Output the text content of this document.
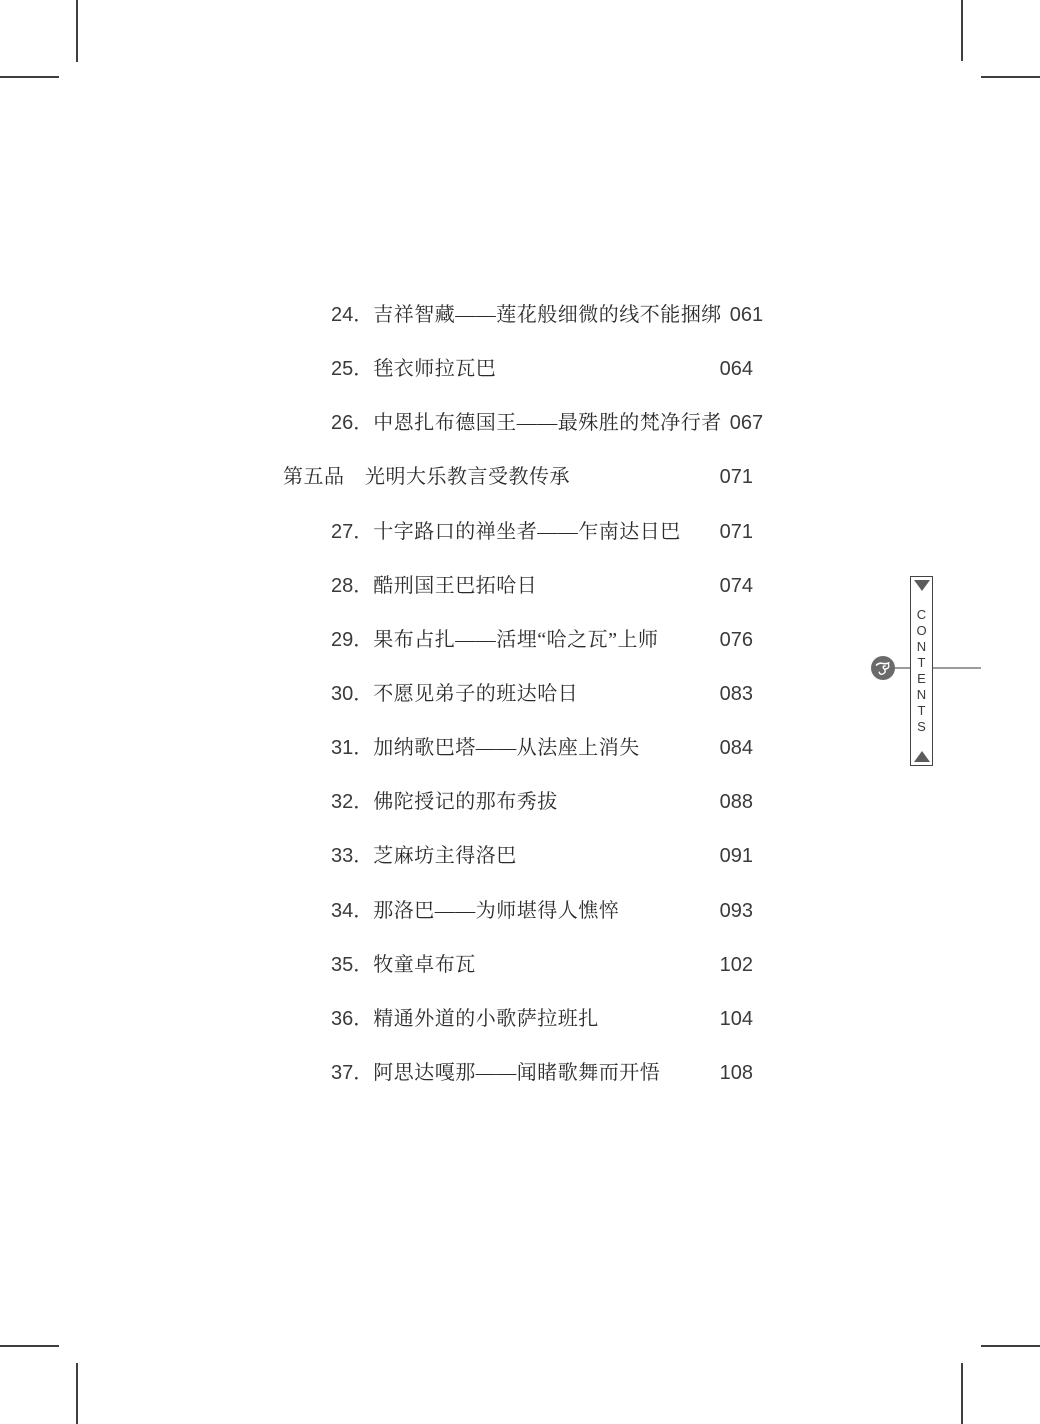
24． 吉祥智藏——莲花般细微的线不能捆绑 061
25． 毪衣师拉瓦巴	064
26． 中恩扎布德国王——最殊胜的梵净行者 067
第五品　光明大乐教言受教传承	071
27． 十字路口的禅坐者——乍南达日巴 071
28． 酷刑国王巴拓哈日	074
29． 果布占扎——活埋“哈之瓦”上师	076
30． 不愿见弟子的班达哈日	083
31． 加纳歌巴塔——从法座上消失	084
32． 佛陀授记的那布秀拔	088
33． 芝麻坊主得洛巴	091
34． 那洛巴——为师堪得人憔悴	093
35． 牧童卓布瓦	102
36． 精通外道的小歌萨拉班扎	104
37． 阿思达嘎那——闻睹歌舞而开悟	108
C
O
N
T
E
N
T
S
